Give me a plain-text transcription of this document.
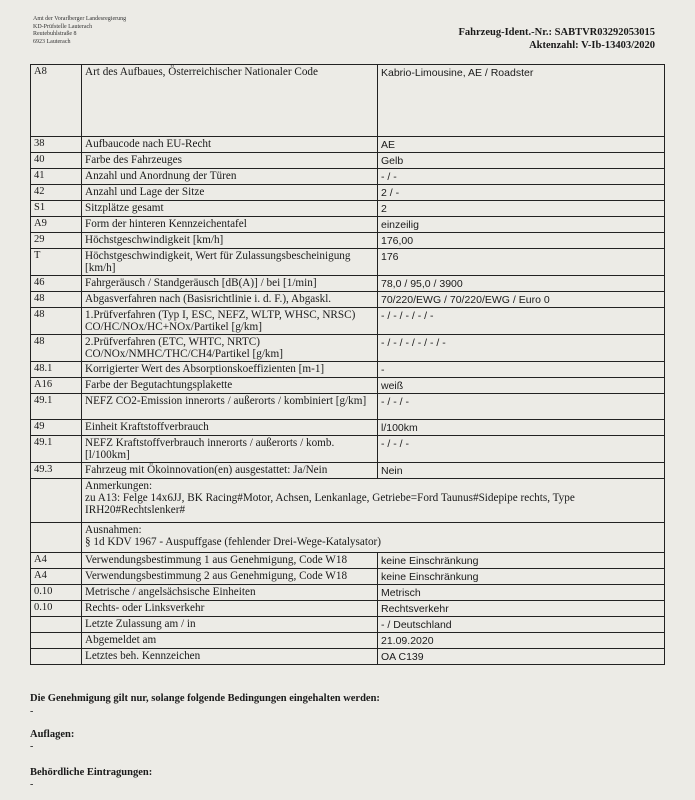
Amt der Vorarlberger Landesregierung
KD-Prüfstelle Lauterach
Reutebuhlstraße 8
6923 Lauterach
Fahrzeug-Ident.-Nr.: SABTVR03292053015
Aktenzahl: V-Ib-13403/2020
A8	Art des Aufbaues, Österreichischer Nationaler Code	Kabrio-Limousine, AE / Roadster
38	Aufbaucode nach EU-Recht	AE
40	Farbe des Fahrzeuges	Gelb
41	Anzahl und Anordnung der Türen	- / -
42	Anzahl und Lage der Sitze	2 / -
S1	Sitzplätze gesamt	2
A9	Form der hinteren Kennzeichentafel	einzeilig
29	Höchstgeschwindigkeit [km/h]	176,00
T	Höchstgeschwindigkeit, Wert für Zulassungsbescheinigung [km/h]	176
46	Fahrgeräusch / Standgeräusch [dB(A)] / bei [1/min]	78,0 / 95,0 / 3900
48	Abgasverfahren nach (Basisrichtlinie i. d. F.), Abgaskl.	70/220/EWG / 70/220/EWG / Euro 0
48	1.Prüfverfahren (Typ I, ESC, NEFZ, WLTP, WHSC, NRSC) CO/HC/NOx/HC+NOx/Partikel [g/km]	- / - / - / - / -
48	2.Prüfverfahren (ETC, WHTC, NRTC) CO/NOx/NMHC/THC/CH4/Partikel [g/km]	- / - / - / - / - / -
48.1	Korrigierter Wert des Absorptionskoeffizienten [m-1]	-
A16	Farbe der Begutachtungsplakette	weiß
49.1	NEFZ CO2-Emission innerorts / außerorts / kombiniert [g/km]	- / - / -
49	Einheit Kraftstoffverbrauch	l/100km
49.1	NEFZ Kraftstoffverbrauch innerorts / außerorts / komb. [l/100km]	- / - / -
49.3	Fahrzeug mit Ökoinnovation(en) ausgestattet: Ja/Nein	Nein

	Anmerkungen:
zu A13: Felge 14x6JJ, BK Racing#Motor, Achsen, Lenkanlage, Getriebe=Ford Taunus#Sidepipe rechts, Type IRH20#Rechtslenker#	

	Ausnahmen:
§ 1d KDV 1967 - Auspuffgase (fehlender Drei-Wege-Katalysator)	

A4	Verwendungsbestimmung 1 aus Genehmigung, Code W18	keine Einschränkung
A4	Verwendungsbestimmung 2 aus Genehmigung, Code W18	keine Einschränkung
0.10	Metrische / angelsächsische Einheiten	Metrisch
0.10	Rechts- oder Linksverkehr	Rechtsverkehr
	Letzte Zulassung am / in	- / Deutschland
	Abgemeldet am	21.09.2020
	Letztes beh. Kennzeichen	OA C139
Die Genehmigung gilt nur, solange folgende Bedingungen eingehalten werden:
-
Auflagen:
-
Behördliche Eintragungen:
-
